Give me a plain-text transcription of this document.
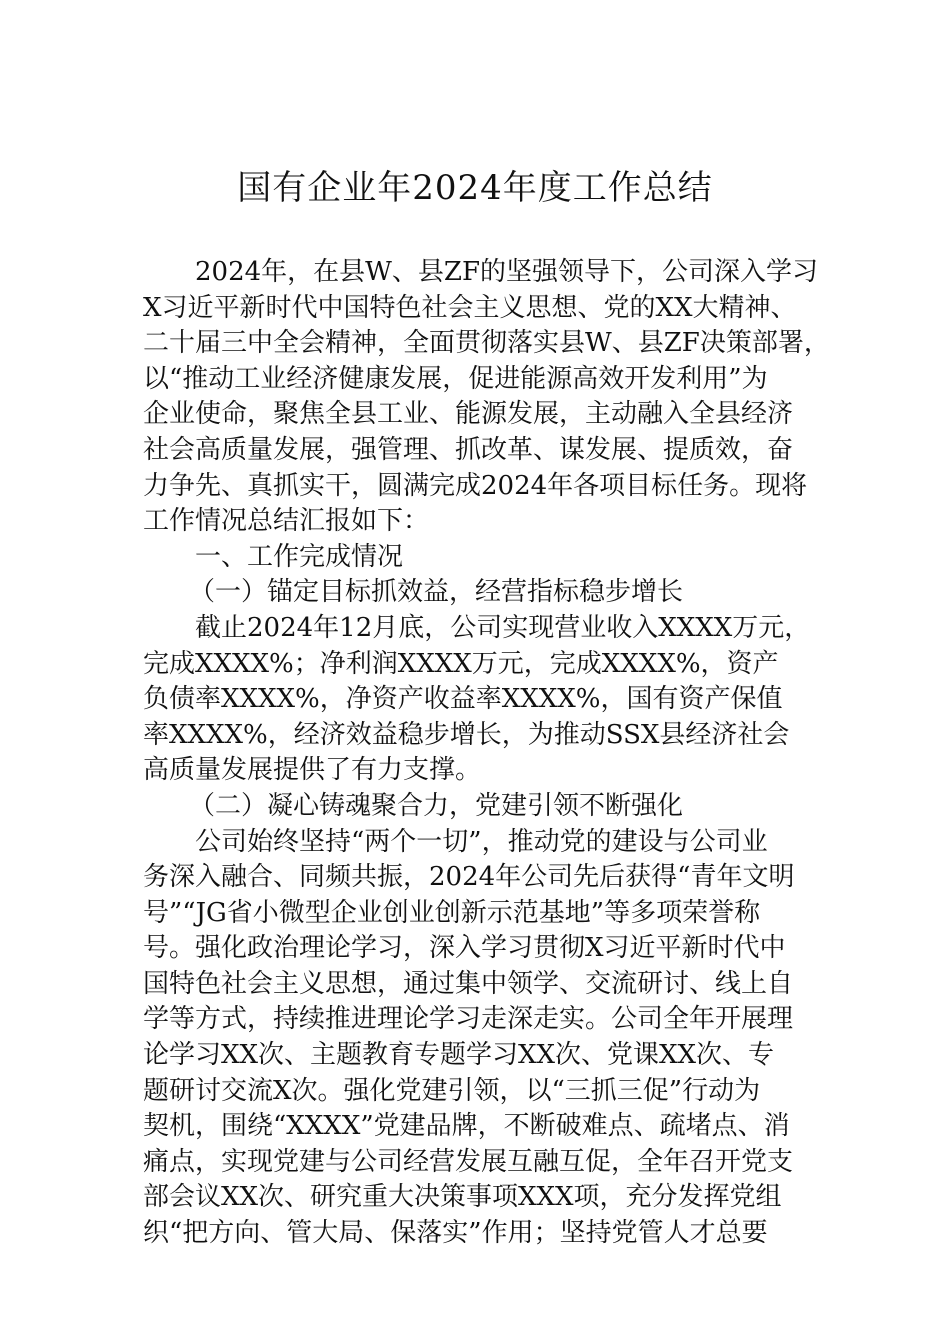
国有企业年2024年度工作总结
2024年，在县W、县ZF的坚强领导下，公司深入学习
X习近平新时代中国特色社会主义思想、党的XX大精神、
二十届三中全会精神，全面贯彻落实县W、县ZF决策部署，
以“推动工业经济健康发展，促进能源高效开发利用”为
企业使命，聚焦全县工业、能源发展，主动融入全县经济
社会高质量发展，强管理、抓改革、谋发展、提质效，奋
力争先、真抓实干，圆满完成2024年各项目标任务。现将
工作情况总结汇报如下：
一、工作完成情况
（一）锚定目标抓效益，经营指标稳步增长
截止2024年12月底，公司实现营业收入XXXX万元，
完成XXXX%；净利润XXXX万元，完成XXXX%，资产
负债率XXXX%，净资产收益率XXXX%，国有资产保值
率XXXX%，经济效益稳步增长，为推动SSX县经济社会
高质量发展提供了有力支撑。
（二）凝心铸魂聚合力，党建引领不断强化
公司始终坚持“两个一切”，推动党的建设与公司业
务深入融合、同频共振，2024年公司先后获得“青年文明
号”“JG省小微型企业创业创新示范基地”等多项荣誉称
号。强化政治理论学习，深入学习贯彻X习近平新时代中
国特色社会主义思想，通过集中领学、交流研讨、线上自
学等方式，持续推进理论学习走深走实。公司全年开展理
论学习XX次、主题教育专题学习XX次、党课XX次、专
题研讨交流X次。强化党建引领，以“三抓三促”行动为
契机，围绕“XXXX”党建品牌，不断破难点、疏堵点、消
痛点，实现党建与公司经营发展互融互促，全年召开党支
部会议XX次、研究重大决策事项XXX项，充分发挥党组
织“把方向、管大局、保落实”作用；坚持党管人才总要
